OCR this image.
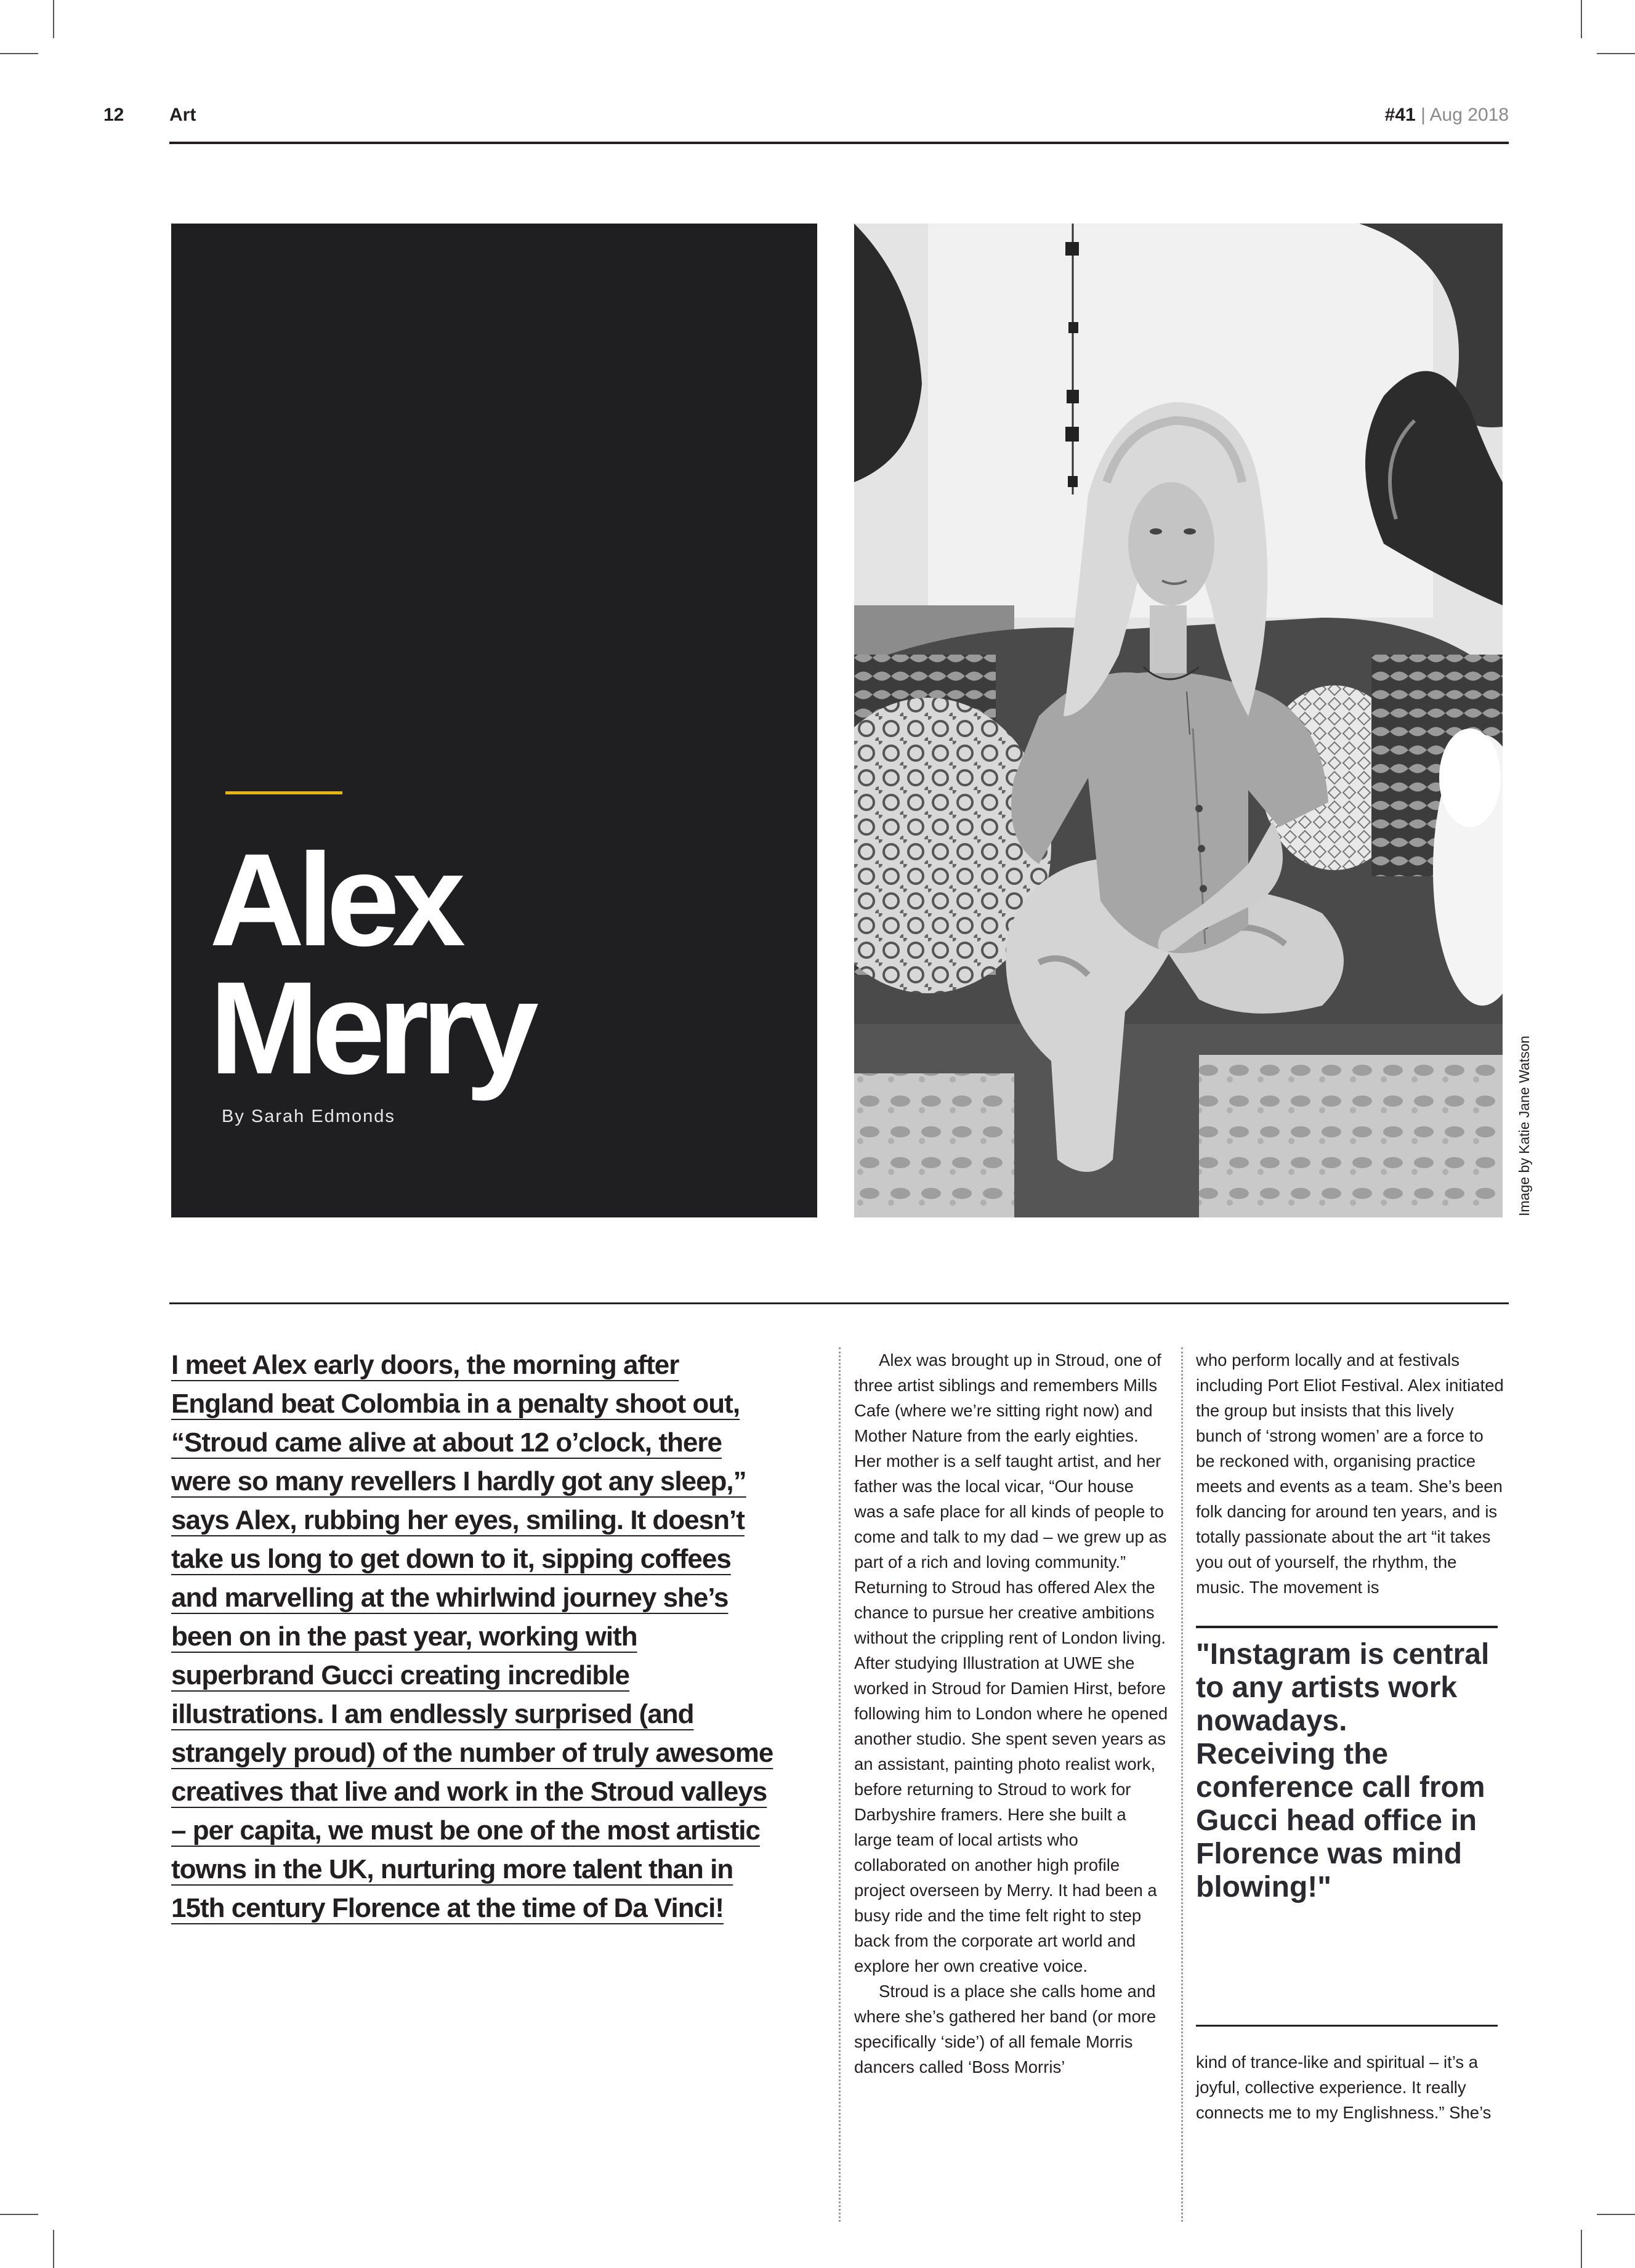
12 Art	#41 | Aug 2018
Alex
Merry
By Sarah Edmonds	Image by Katie Jane Watson
I meet Alex early doors, the morning after England beat Colombia in a penalty shoot out, “Stroud came alive at about 12 o’clock, there were so many revellers I hardly got any sleep,” says Alex, rubbing her eyes, smiling. It doesn’t take us long to get down to it, sipping coffees and marvelling at the whirlwind journey she’s been on in the past year, working with superbrand Gucci creating incredible illustrations. I am endlessly surprised (and strangely proud) of the number of truly awesome creatives that live and work in the Stroud valleys – per capita, we must be one of the most artistic towns in the UK, nurturing more talent than in 15th century Florence at the time of Da Vinci!

Alex was brought up in Stroud, one of three artist siblings and remembers Mills Cafe (where we’re sitting right now) and Mother Nature from the early eighties. Her mother is a self taught artist, and her father was the local vicar, “Our house was a safe place for all kinds of people to come and talk to my dad – we grew up as part of a rich and loving community.” Returning to Stroud has offered Alex the chance to pursue her creative ambitions without the crippling rent of London living. After studying Illustration at UWE she worked in Stroud for Damien Hirst, before following him to London where he opened another studio. She spent seven years as an assistant, painting photo realist work, before returning to Stroud to work for Darbyshire framers. Here she built a large team of local artists who collaborated on another high profile project overseen by Merry. It had been a busy ride and the time felt right to step back from the corporate art world and explore her own creative voice.

Stroud is a place she calls home and where she’s gathered her band (or more specifically ‘side’) of all female Morris dancers called ‘Boss Morris’

who perform locally and at festivals including Port Eliot Festival. Alex initiated the group but insists that this lively bunch of ‘strong women’ are a force to be reckoned with, organising practice meets and events as a team. She’s been folk dancing for around ten years, and is totally passionate about the art “it takes you out of yourself, the rhythm, the music. The movement is

"Instagram is central to any artists work nowadays. Receiving the conference call from Gucci head office in Florence was mind blowing!"

kind of trance-like and spiritual – it’s a joyful, collective experience. It really connects me to my Englishness.” She’s
